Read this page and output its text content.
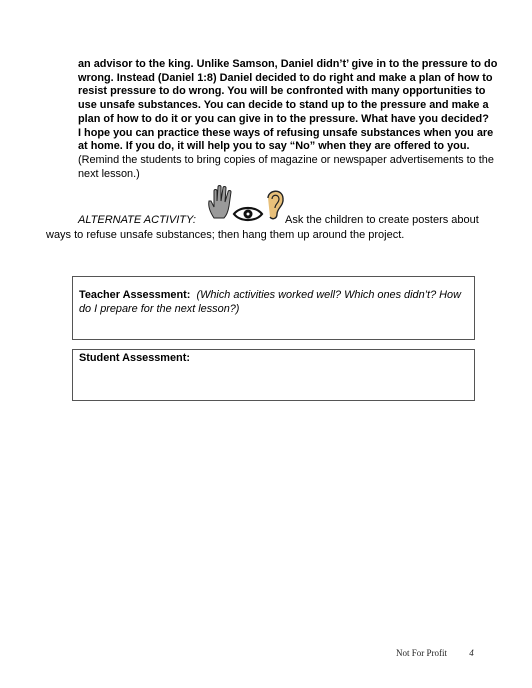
an advisor to the king. Unlike Samson, Daniel didn’t’ give in to the pressure to do
wrong. Instead (Daniel 1:8) Daniel decided to do right and make a plan of how to
resist pressure to do wrong. You will be confronted with many opportunities to
use unsafe substances. You can decide to stand up to the pressure and make a
plan of how to do it or you can give in to the pressure. What have you decided?
I hope you can practice these ways of refusing unsafe substances when you are
at home. If you do, it will help you to say “No” when they are offered to you.
(Remind the students to bring copies of magazine or newspaper advertisements to the
next lesson.)
ALTERNATE ACTIVITY:	Ask the children to create posters about
ways to refuse unsafe substances; then hang them up around the project.
Teacher Assessment: (Which activities worked well? Which ones didn’t? How do I prepare for the next lesson?)
Student Assessment:
Not For Profit 4
